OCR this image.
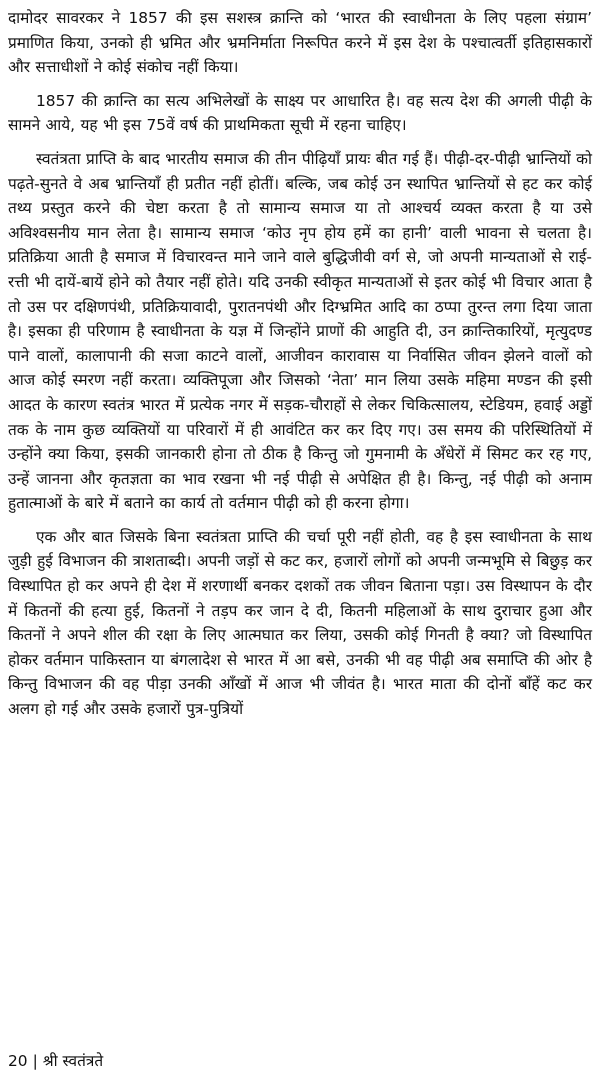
दामोदर सावरकर ने 1857 की इस सशस्त्र क्रान्ति को ‘भारत की स्वाधीनता के लिए पहला संग्राम’ प्रमाणित किया, उनको ही भ्रमित और भ्रमनिर्माता निरूपित करने में इस देश के पश्चात्वर्ती इतिहासकारों और सत्ताधीशों ने कोई संकोच नहीं किया।

1857 की क्रान्ति का सत्य अभिलेखों के साक्ष्य पर आधारित है। वह सत्य देश की अगली पीढ़ी के सामने आये, यह भी इस 75वें वर्ष की प्राथमिकता सूची में रहना चाहिए।

स्वतंत्रता प्राप्ति के बाद भारतीय समाज की तीन पीढ़ियाँ प्रायः बीत गई हैं। पीढ़ी-दर-पीढ़ी भ्रान्तियों को पढ़ते-सुनते वे अब भ्रान्तियाँ ही प्रतीत नहीं होतीं। बल्कि, जब कोई उन स्थापित भ्रान्तियों से हट कर कोई तथ्य प्रस्तुत करने की चेष्टा करता है तो सामान्य समाज या तो आश्चर्य व्यक्त करता है या उसे अविश्वसनीय मान लेता है। सामान्य समाज ‘कोउ नृप होय हमें का हानी’ वाली भावना से चलता है। प्रतिक्रिया आती है समाज में विचारवन्त माने जाने वाले बुद्धिजीवी वर्ग से, जो अपनी मान्यताओं से राई-रत्ती भी दायें-बायें होने को तैयार नहीं होते। यदि उनकी स्वीकृत मान्यताओं से इतर कोई भी विचार आता है तो उस पर दक्षिणपंथी, प्रतिक्रियावादी, पुरातनपंथी और दिग्भ्रमित आदि का ठप्पा तुरन्त लगा दिया जाता है। इसका ही परिणाम है स्वाधीनता के यज्ञ में जिन्होंने प्राणों की आहुति दी, उन क्रान्तिकारियों, मृत्युदण्ड पाने वालों, कालापानी की सजा काटने वालों, आजीवन कारावास या निर्वासित जीवन झेलने वालों को आज कोई स्मरण नहीं करता। व्यक्तिपूजा और जिसको ‘नेता’ मान लिया उसके महिमा मण्डन की इसी आदत के कारण स्वतंत्र भारत में प्रत्येक नगर में सड़क-चौराहों से लेकर चिकित्सालय, स्टेडियम, हवाई अड्डों तक के नाम कुछ व्यक्तियों या परिवारों में ही आवंटित कर कर दिए गए। उस समय की परिस्थितियों में उन्होंने क्या किया, इसकी जानकारी होना तो ठीक है किन्तु जो गुमनामी के अँधेरों में सिमट कर रह गए, उन्हें जानना और कृतज्ञता का भाव रखना भी नई पीढ़ी से अपेक्षित ही है। किन्तु, नई पीढ़ी को अनाम हुतात्माओं के बारे में बताने का कार्य तो वर्तमान पीढ़ी को ही करना होगा।

एक और बात जिसके बिना स्वतंत्रता प्राप्ति की चर्चा पूरी नहीं होती, वह है इस स्वाधीनता के साथ जुड़ी हुई विभाजन की त्राशताब्दी। अपनी जड़ों से कट कर, हजारों लोगों को अपनी जन्मभूमि से बिछुड़ कर विस्थापित हो कर अपने ही देश में शरणार्थी बनकर दशकों तक जीवन बिताना पड़ा। उस विस्थापन के दौर में कितनों की हत्या हुई, कितनों ने तड़प कर जान दे दी, कितनी महिलाओं के साथ दुराचार हुआ और कितनों ने अपने शील की रक्षा के लिए आत्मघात कर लिया, उसकी कोई गिनती है क्या? जो विस्थापित होकर वर्तमान पाकिस्तान या बंगलादेश से भारत में आ बसे, उनकी भी वह पीढ़ी अब समाप्ति की ओर है किन्तु विभाजन की वह पीड़ा उनकी आँखों में आज भी जीवंत है। भारत माता की दोनों बाँहें कट कर अलग हो गई और उसके हजारों पुत्र-पुत्रियों

20 | श्री स्वतंत्रते
